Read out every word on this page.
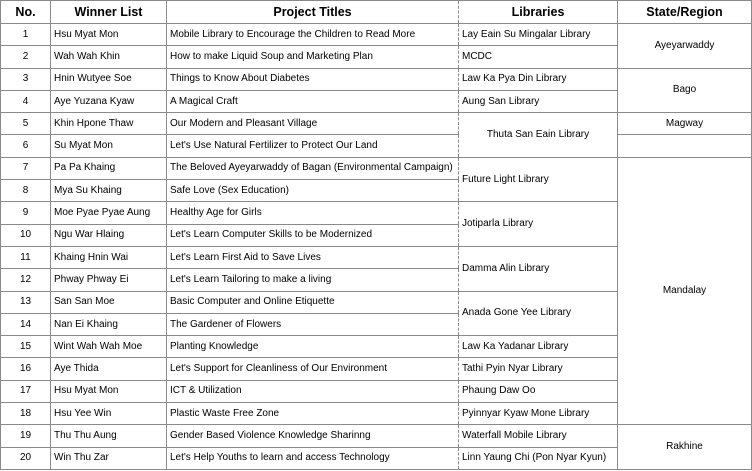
No.	Winner List	Project Titles	Libraries	State/Region
1	Hsu Myat Mon	Mobile Library to Encourage the Children to Read More	Lay Eain Su Mingalar Library	Ayeyarwaddy
2	Wah Wah Khin	How to make Liquid Soup and Marketing Plan	MCDC	
3	Hnin Wutyee Soe	Things to Know About Diabetes	Law Ka Pya Din Library	Bago
4	Aye Yuzana Kyaw	A Magical Craft	Aung San Library	
5	Khin Hpone Thaw	Our Modern and Pleasant Village	Thuta San Eain Library	Magway
6	Su Myat Mon	Let's Use Natural Fertilizer to Protect Our Land		
7	Pa Pa Khaing	The Beloved Ayeyarwaddy of Bagan (Environmental Campaign)	Future Light Library	Mandalay
8	Mya Su Khaing	Safe Love (Sex Education)		
9	Moe Pyae Pyae Aung	Healthy Age for Girls	Jotiparla Library	
10	Ngu War Hlaing	Let's Learn Computer Skills to be Modernized		
11	Khaing Hnin Wai	Let's Learn First Aid to Save Lives	Damma Alin Library	
12	Phway Phway Ei	Let's Learn Tailoring to make a living		
13	San San Moe	Basic Computer and Online Etiquette	Anada Gone Yee Library	
14	Nan Ei Khaing	The Gardener of Flowers		
15	Wint Wah Wah Moe	Planting Knowledge	Law Ka Yadanar Library	
16	Aye Thida	Let's Support for Cleanliness of Our Environment	Tathi Pyin Nyar Library	
17	Hsu Myat Mon	ICT & Utilization	Phaung Daw Oo	
18	Hsu Yee Win	Plastic Waste Free Zone	Pyinnyar Kyaw Mone Library	
19	Thu Thu Aung	Gender Based Violence Knowledge Sharinng	Waterfall Mobile Library	Rakhine
20	Win Thu Zar	Let's Help Youths to learn and access Technology	Linn Yaung Chi (Pon Nyar Kyun)	
